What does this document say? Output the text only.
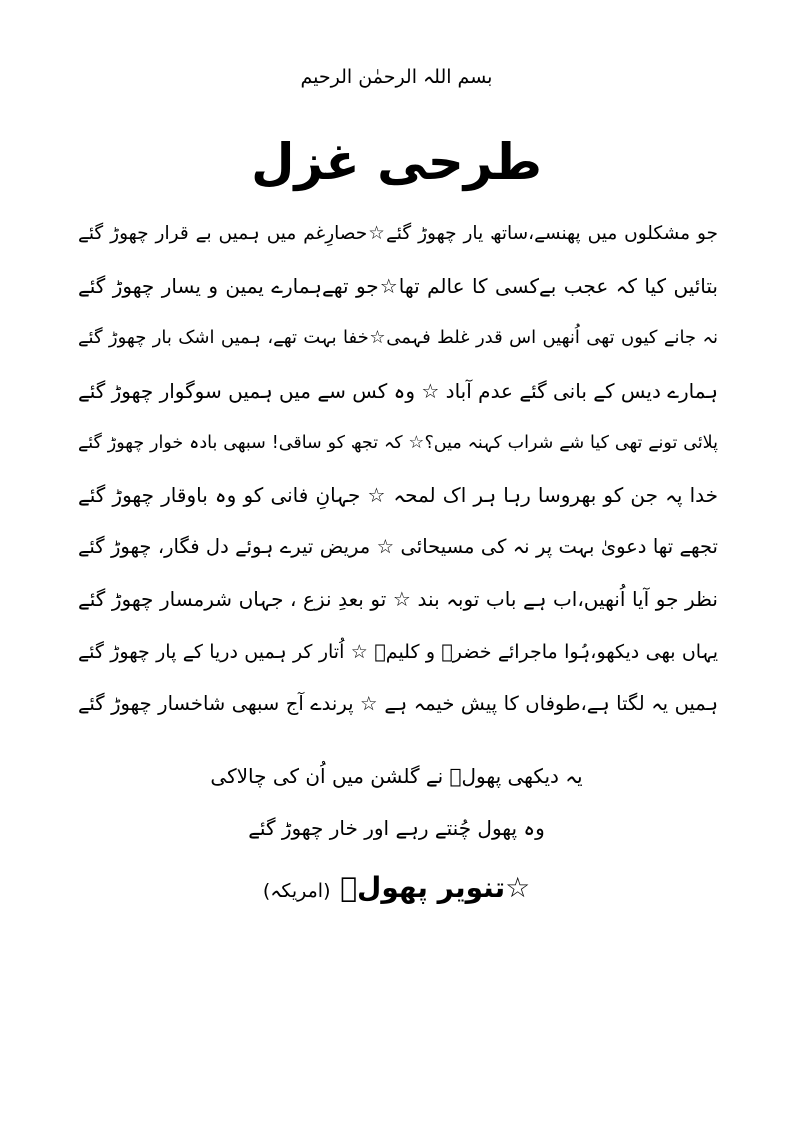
بسم اللہ الرحمٰن الرحیم
طرحی غزل
جو مشکلوں میں پھنسے،ساتھ یار چھوڑ گئے☆حصارِغم میں ہمیں بے قرار چھوڑ گئے
بتائیں کیا کہ عجب بےکسی کا عالم تھا☆جو تھےہمارے یمین و یسار چھوڑ گئے
نہ جانے کیوں تھی اُنھیں اس قدر غلط فہمی☆خفا بہت تھے، ہمیں اشک بار چھوڑ گئے
ہمارے دیس کے بانی گئے عدم آباد ☆ وہ کس سے میں ہمیں سوگوار چھوڑ گئے
پلائی تونے تھی کیا شے شراب کہنہ میں؟☆ کہ تجھ کو ساقی! سبھی بادہ خوار چھوڑ گئے
خدا پہ جن کو بھروسا رہا ہر اک لمحہ ☆ جہانِ فانی کو وہ باوقار چھوڑ گئے
تجھے تھا دعویٰ بہت پر نہ کی مسیحائی ☆ مریض تیرے ہوئے دل فگار، چھوڑ گئے
نظر جو آیا اُنھیں،اب ہے باب توبہ بند ☆ تو بعدِ نزع ، جہاں شرمسار چھوڑ گئے
یہاں بھی دیکھو،ہُوا ماجرائے خضرؑ و کلیمؑ ☆ اُتار کر ہمیں دریا کے پار چھوڑ گئے
ہمیں یہ لگتا ہے،طوفاں کا پیش خیمہ ہے ☆ پرندے آج سبھی شاخسار چھوڑ گئے
یہ دیکھی پھولؔ نے گلشن میں اُن کی چالاکی
وہ پھول چُنتے رہے اور خار چھوڑ گئے
☆تنویر پھولؔ (امریکہ)
